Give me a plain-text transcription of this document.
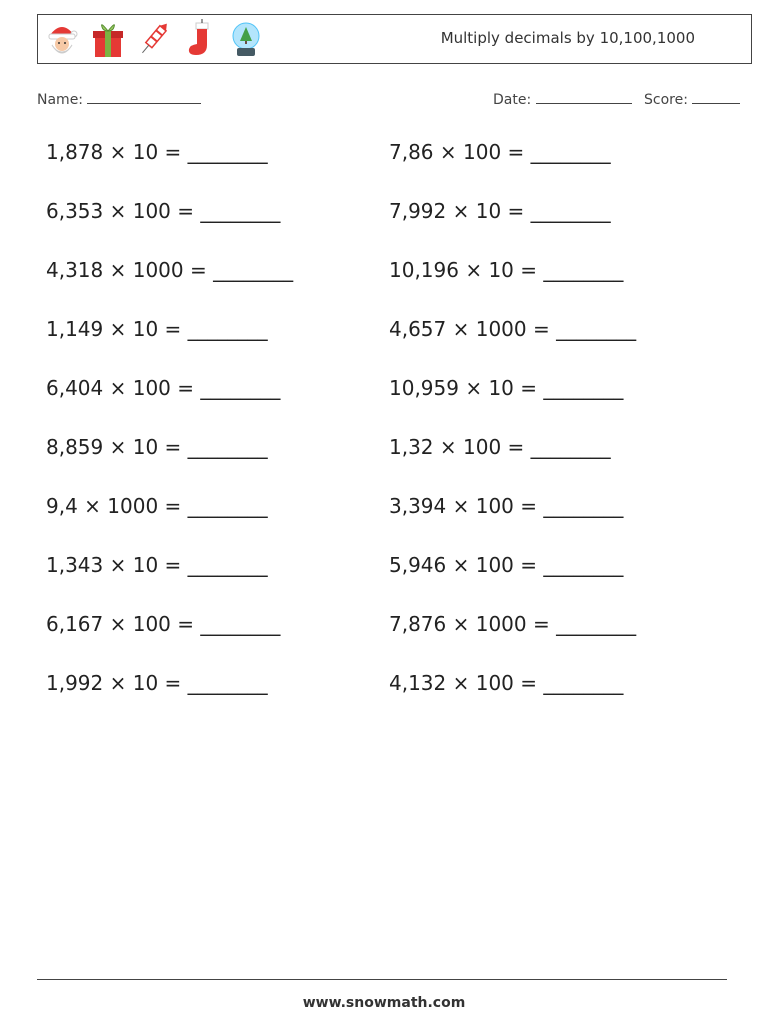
Multiply decimals by 10,100,1000
Name:	Date:	Score:
1,878 × 10 = ________	7,86 × 100 = ________
6,353 × 100 = ________	7,992 × 10 = ________
4,318 × 1000 = ________	10,196 × 10 = ________
1,149 × 10 = ________	4,657 × 1000 = ________
6,404 × 100 = ________	10,959 × 10 = ________
8,859 × 10 = ________	1,32 × 100 = ________
9,4 × 1000 = ________	3,394 × 100 = ________
1,343 × 10 = ________	5,946 × 100 = ________
6,167 × 100 = ________	7,876 × 1000 = ________
1,992 × 10 = ________	4,132 × 100 = ________
www.snowmath.com
